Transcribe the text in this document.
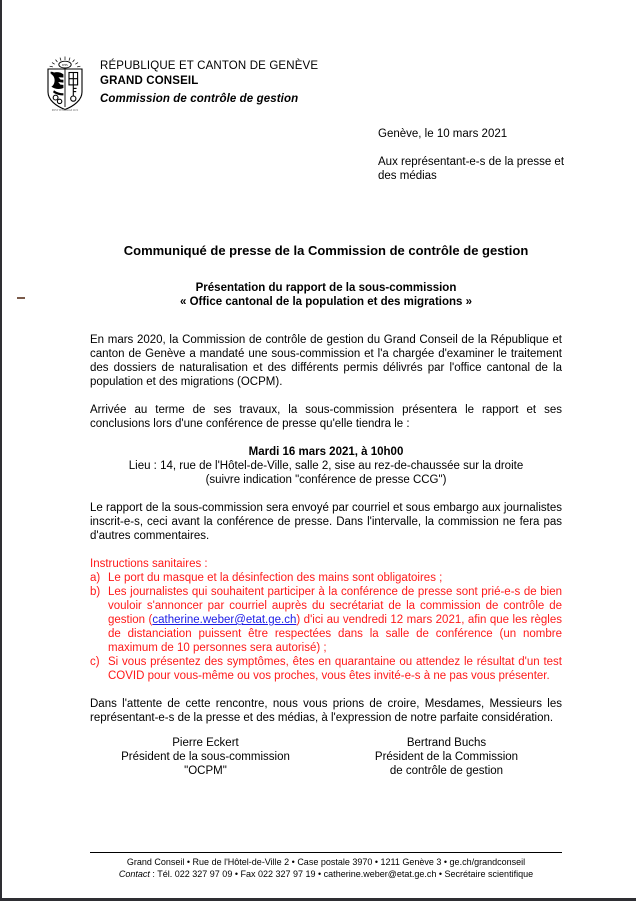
IHS
POST TENEBRAS LUX
RÉPUBLIQUE ET CANTON DE GENÈVE
GRAND CONSEIL
Commission de contrôle de gestion
Genève, le 10 mars 2021
Aux représentant-e-s de la presse et des médias
Communiqué de presse de la Commission de contrôle de gestion
Présentation du rapport de la sous-commission
« Office cantonal de la population et des migrations »

En mars 2020, la Commission de contrôle de gestion du Grand Conseil de la République et canton de Genève a mandaté une sous-commission et l'a chargée d'examiner le traitement des dossiers de naturalisation et des différents permis délivrés par l'office cantonal de la population et des migrations (OCPM).

Arrivée au terme de ses travaux, la sous-commission présentera le rapport et ses conclusions lors d'une conférence de presse qu'elle tiendra le :

Mardi 16 mars 2021, à 10h00
Lieu : 14, rue de l'Hôtel-de-Ville, salle 2, sise au rez-de-chaussée sur la droite
(suivre indication "conférence de presse CCG")

Le rapport de la sous-commission sera envoyé par courriel et sous embargo aux journalistes inscrit-e-s, ceci avant la conférence de presse. Dans l'intervalle, la commission ne fera pas d'autres commentaires.

Instructions sanitaires :

a) Le port du masque et la désinfection des mains sont obligatoires ;
b) Les journalistes qui souhaitent participer à la conférence de presse sont prié-e-s de bien vouloir s'annoncer par courriel auprès du secrétariat de la commission de contrôle de gestion (catherine.weber@etat.ge.ch) d'ici au vendredi 12 mars 2021, afin que les règles de distanciation puissent être respectées dans la salle de conférence (un nombre maximum de 10 personnes sera autorisé) ;
c) Si vous présentez des symptômes, êtes en quarantaine ou attendez le résultat d'un test COVID pour vous-même ou vos proches, vous êtes invité-e-s à ne pas vous présenter.

Dans l'attente de cette rencontre, nous vous prions de croire, Mesdames, Messieurs les représentant-e-s de la presse et des médias, à l'expression de notre parfaite considération.

Pierre Eckert
Président de la sous-commission
"OCPM"
Bertrand Buchs
Président de la Commission
de contrôle de gestion
Grand Conseil • Rue de l'Hôtel-de-Ville 2 • Case postale 3970 • 1211 Genève 3 • ge.ch/grandconseil
Contact : Tél. 022 327 97 09 • Fax 022 327 97 19 • catherine.weber@etat.ge.ch • Secrétaire scientifique
